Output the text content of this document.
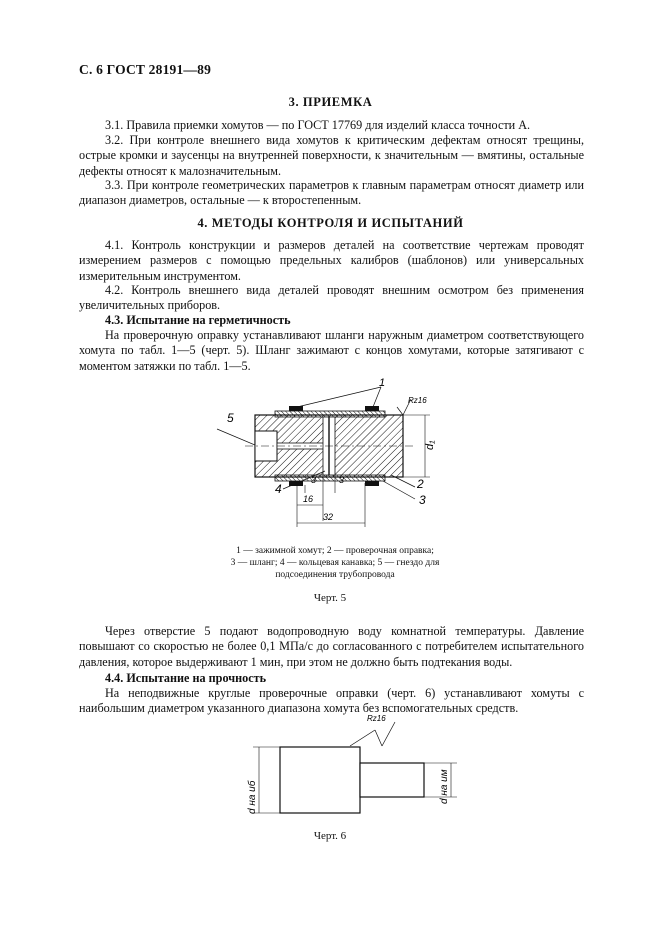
С. 6 ГОСТ 28191—89
3. ПРИЕМКА
3.1. Правила приемки хомутов — по ГОСТ 17769 для изделий класса точности А.
3.2. При контроле внешнего вида хомутов к критическим дефектам относят трещины, острые кромки и заусенцы на внутренней поверхности, к значительным — вмятины, остальные дефекты относят к малозначительным.
3.3. При контроле геометрических параметров к главным параметрам относят диаметр или диапазон диаметров, остальные — к второстепенным.
4. МЕТОДЫ КОНТРОЛЯ И ИСПЫТАНИЙ
4.1. Контроль конструкции и размеров деталей на соответствие чертежам проводят измерением размеров с помощью предельных калибров (шаблонов) или универсальных измерительным инструментом.
4.2. Контроль внешнего вида деталей проводят внешним осмотром без применения увеличительных приборов.
4.3. Испытание на герметичность
На проверочную оправку устанавливают шланги наружным диаметром соответствующего хомута по табл. 1—5 (черт. 5). Шланг зажимают с концов хомутами, которые затягивают с моментом затяжки по табл. 1—5.
1
Rz16
5
d₁
4	2
3
3	3
16
32
1 — зажимной хомут; 2 — проверочная оправка;
3 — шланг; 4 — кольцевая канавка; 5 — гнездо для
подсоединения трубопровода
Черт. 5
Через отверстие 5 подают водопроводную воду комнатной температуры. Давление повышают со скоростью не более 0,1 МПа/с до согласованного с потребителем испытательного давления, которое выдерживают 1 мин, при этом не должно быть подтекания воды.
4.4. Испытание на прочность
На неподвижные круглые проверочные оправки (черт. 6) устанавливают хомуты с наибольшим диаметром указанного диапазона хомута без вспомогательных средств.
Rz16
d на иб	d на им
Черт. 6
